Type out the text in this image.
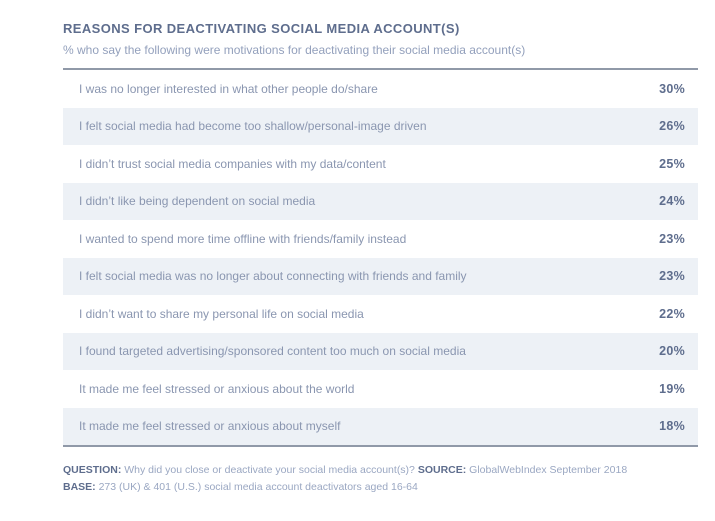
REASONS FOR DEACTIVATING SOCIAL MEDIA ACCOUNT(S)
% who say the following were motivations for deactivating their social media account(s)
I was no longer interested in what other people do/share	30%
I felt social media had become too shallow/personal-image driven	26%
I didn’t trust social media companies with my data/content	25%
I didn’t like being dependent on social media	24%
I wanted to spend more time offline with friends/family instead	23%
I felt social media was no longer about connecting with friends and family	23%
I didn’t want to share my personal life on social media	22%
I found targeted advertising/sponsored content too much on social media	20%
It made me feel stressed or anxious about the world	19%
It made me feel stressed or anxious about myself	18%
QUESTION: Why did you close or deactivate your social media account(s)? SOURCE: GlobalWebIndex September 2018
BASE: 273 (UK) & 401 (U.S.) social media account deactivators aged 16-64
